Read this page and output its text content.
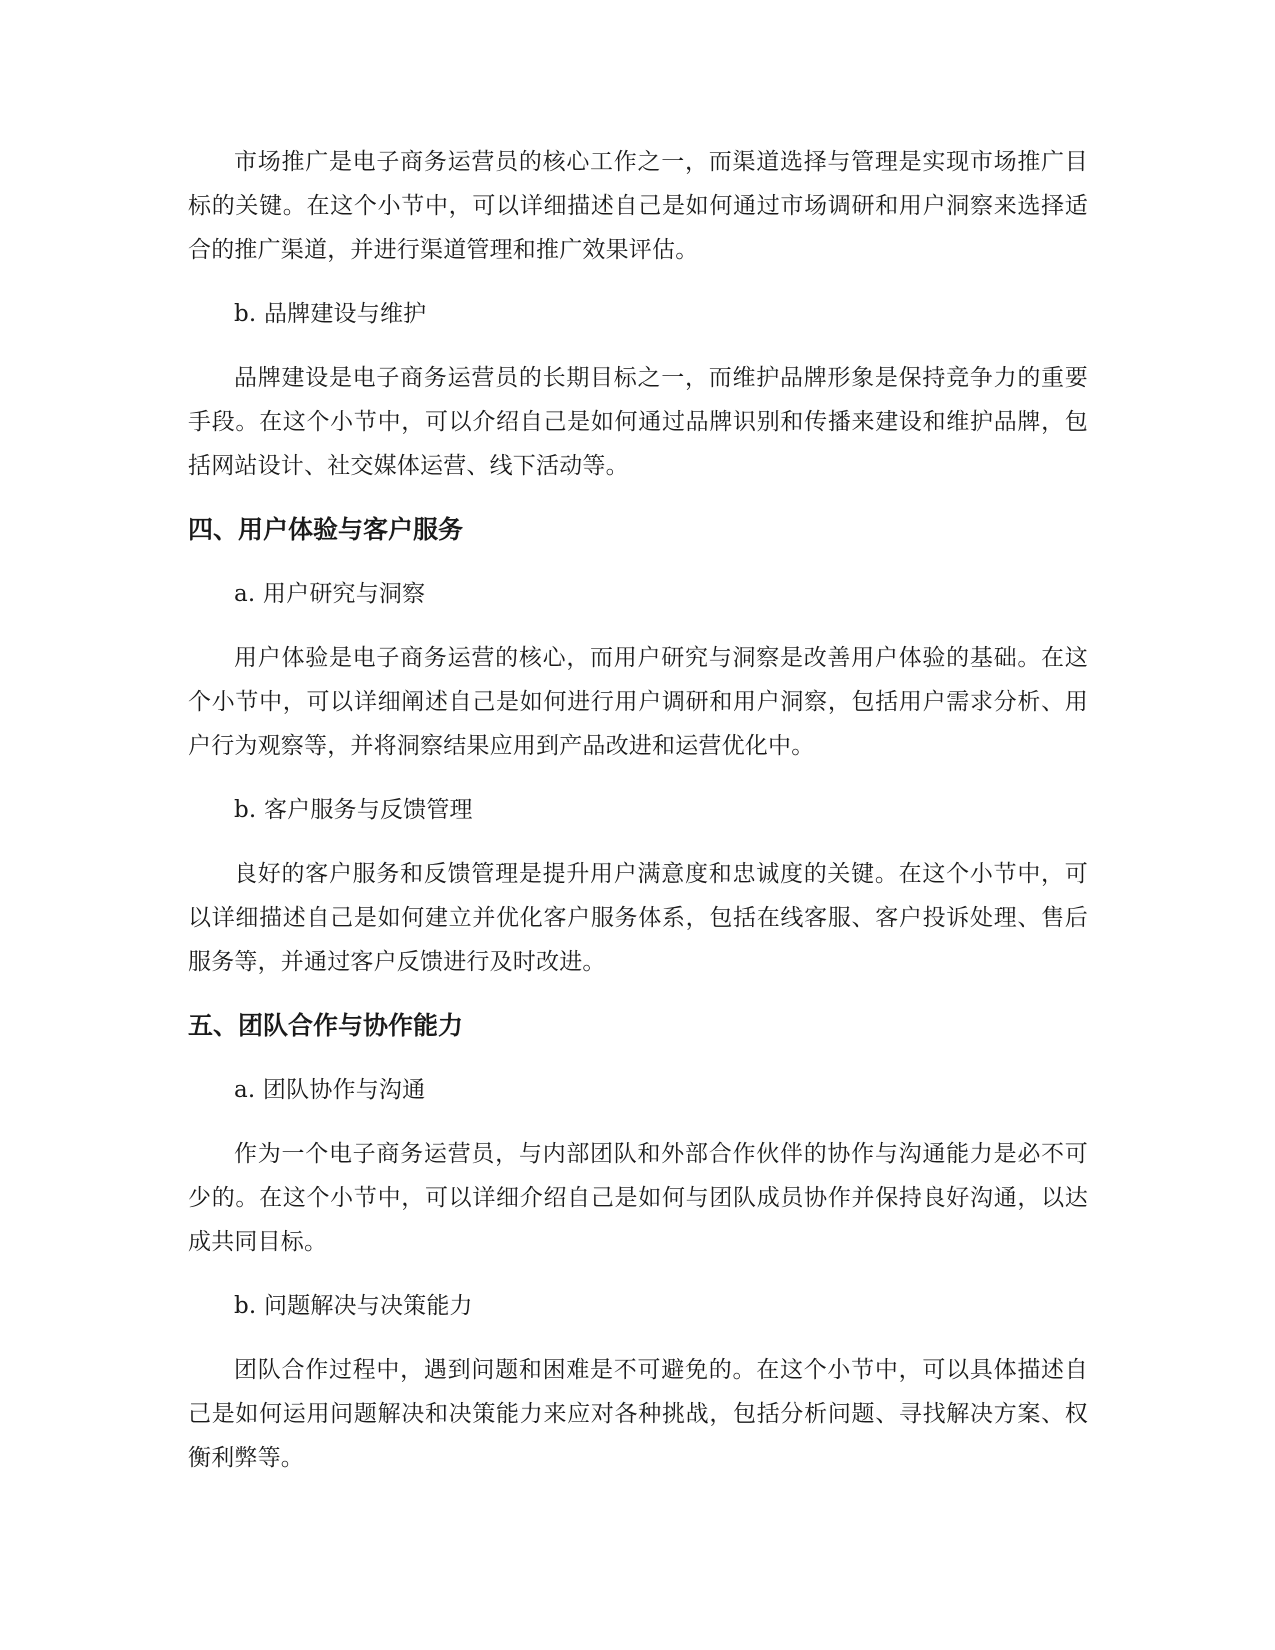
市场推广是电子商务运营员的核心工作之一，而渠道选择与管理是实现市场推广目标的关键。在这个小节中，可以详细描述自己是如何通过市场调研和用户洞察来选择适合的推广渠道，并进行渠道管理和推广效果评估。

b. 品牌建设与维护

品牌建设是电子商务运营员的长期目标之一，而维护品牌形象是保持竞争力的重要手段。在这个小节中，可以介绍自己是如何通过品牌识别和传播来建设和维护品牌，包括网站设计、社交媒体运营、线下活动等。

四、用户体验与客户服务

a. 用户研究与洞察

用户体验是电子商务运营的核心，而用户研究与洞察是改善用户体验的基础。在这个小节中，可以详细阐述自己是如何进行用户调研和用户洞察，包括用户需求分析、用户行为观察等，并将洞察结果应用到产品改进和运营优化中。

b. 客户服务与反馈管理

良好的客户服务和反馈管理是提升用户满意度和忠诚度的关键。在这个小节中，可以详细描述自己是如何建立并优化客户服务体系，包括在线客服、客户投诉处理、售后服务等，并通过客户反馈进行及时改进。

五、团队合作与协作能力

a. 团队协作与沟通

作为一个电子商务运营员，与内部团队和外部合作伙伴的协作与沟通能力是必不可少的。在这个小节中，可以详细介绍自己是如何与团队成员协作并保持良好沟通，以达成共同目标。

b. 问题解决与决策能力

团队合作过程中，遇到问题和困难是不可避免的。在这个小节中，可以具体描述自己是如何运用问题解决和决策能力来应对各种挑战，包括分析问题、寻找解决方案、权衡利弊等。
